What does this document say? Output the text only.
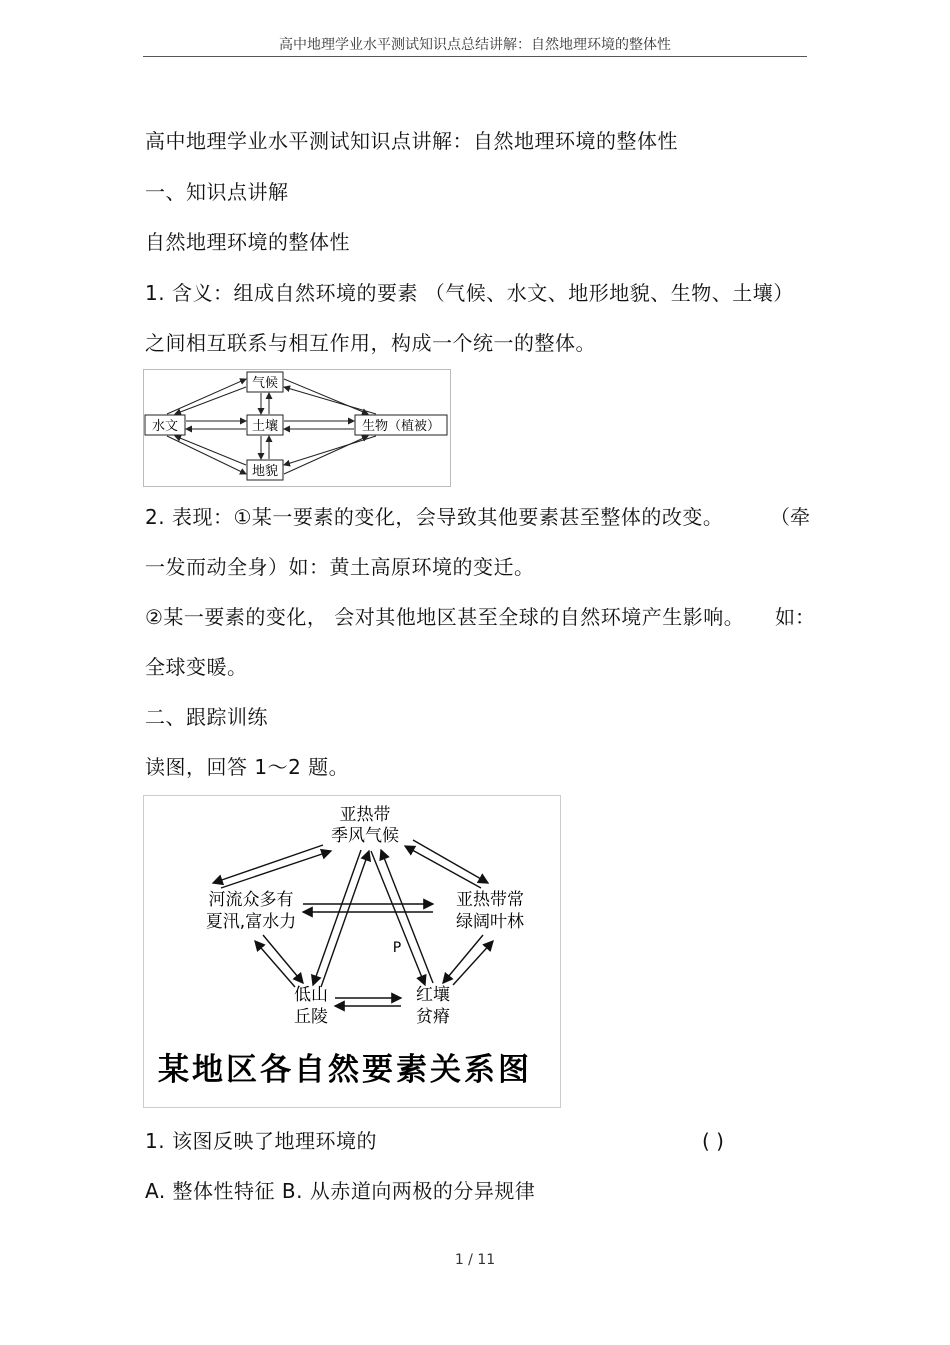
高中地理学业水平测试知识点总结讲解：自然地理环境的整体性
高中地理学业水平测试知识点讲解：自然地理环境的整体性
一、知识点讲解
自然地理环境的整体性
1. 含义：组成自然环境的要素 （气候、水文、地形地貌、生物、土壤）
之间相互联系与相互作用，构成一个统一的整体。
气候
水文	土壤	生物（植被）
地貌
2. 表现：①某一要素的变化，会导致其他要素甚至整体的改变。 （牵
一发而动全身）如：黄土高原环境的变迁。
②某一要素的变化， 会对其他地区甚至全球的自然环境产生影响。 如：
全球变暖。
二、跟踪训练
读图，回答 1～2 题。
亚热带
季风气候
河流众多有
夏汛,富水力
亚热带常
绿阔叶林
P
低山
丘陵
红壤
贫瘠
某地区各自然要素关系图
1. 该图反映了地理环境的	( )
A. 整体性特征 B. 从赤道向两极的分异规律
1 / 11
